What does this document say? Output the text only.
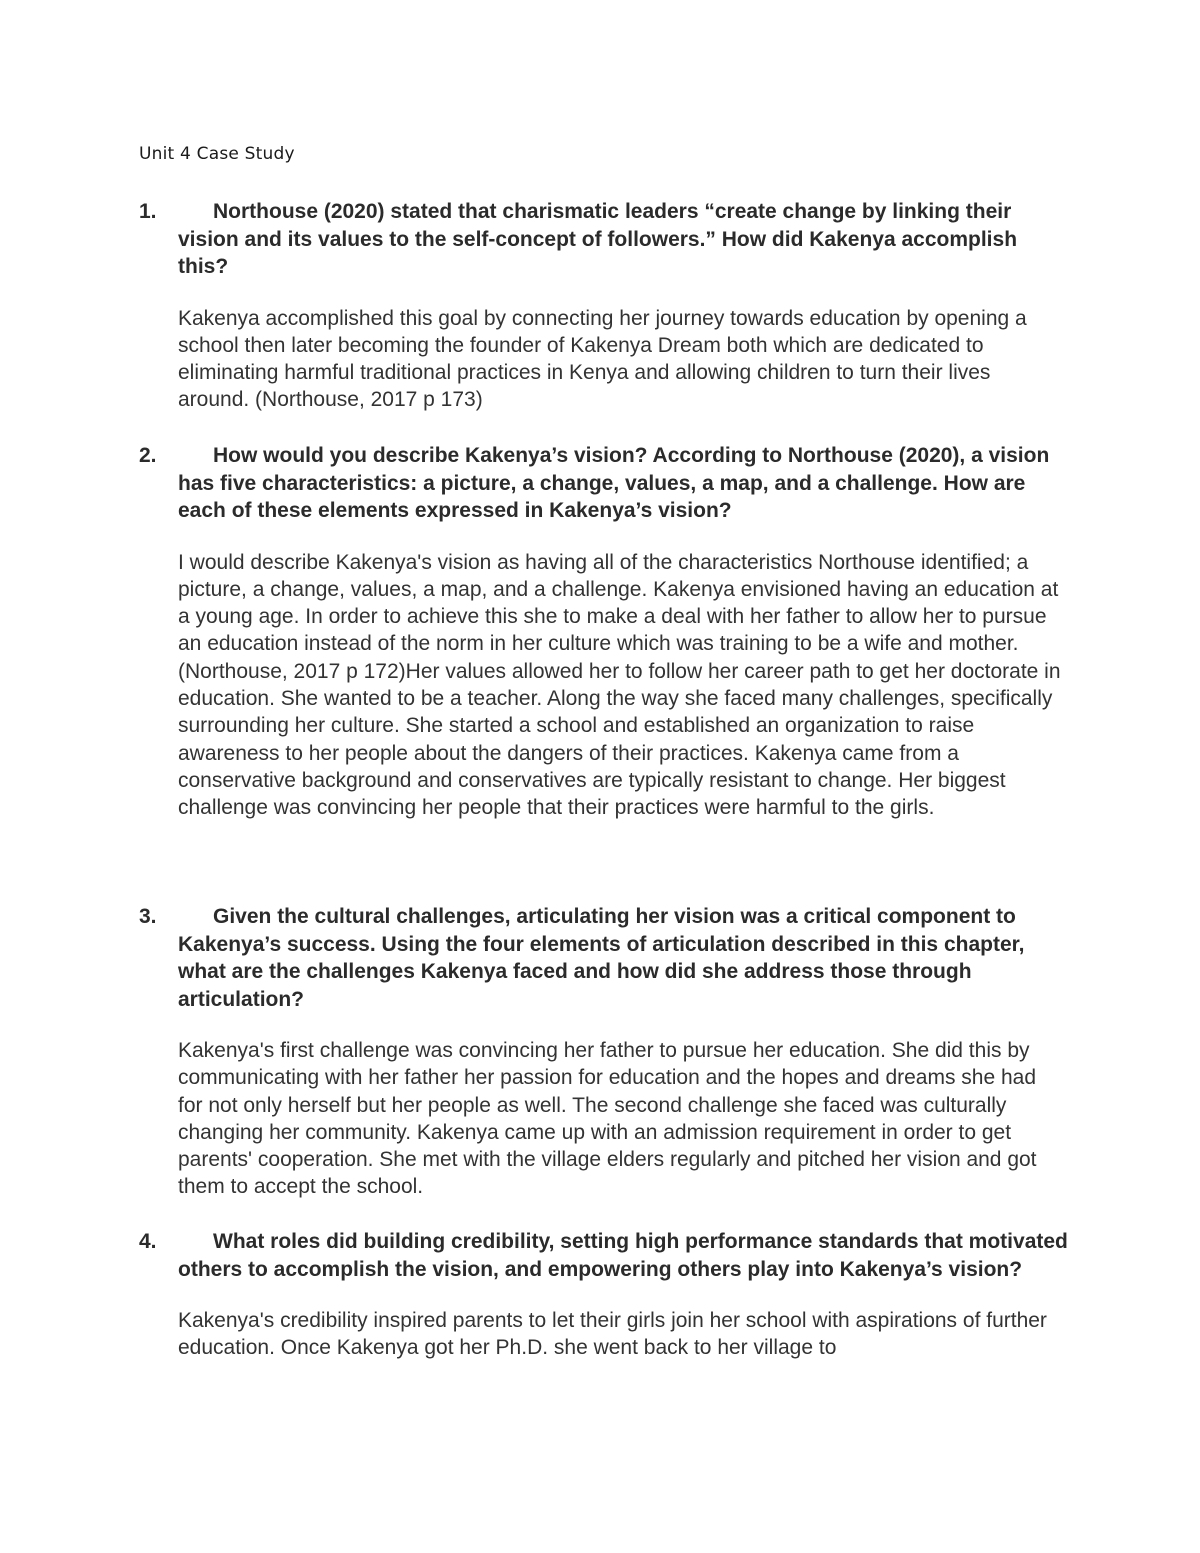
Unit 4 Case Study
1.	Northouse (2020) stated that charismatic leaders “create change by linking their vision and its values to the self-concept of followers.” How did Kakenya accomplish this?
Kakenya accomplished this goal by connecting her journey towards education by opening a school then later becoming the founder of Kakenya Dream both which are dedicated to eliminating harmful traditional practices in Kenya and allowing children to turn their lives around. (Northouse, 2017 p 173)
2.	How would you describe Kakenya’s vision? According to Northouse (2020), a vision has five characteristics: a picture, a change, values, a map, and a challenge. How are each of these elements expressed in Kakenya’s vision?
I would describe Kakenya's vision as having all of the characteristics Northouse identified; a picture, a change, values, a map, and a challenge. Kakenya envisioned having an education at a young age. In order to achieve this she to make a deal with her father to allow her to pursue an education instead of the norm in her culture which was training to be a wife and mother. (Northouse, 2017 p 172)Her values allowed her to follow her career path to get her doctorate in education. She wanted to be a teacher. Along the way she faced many challenges, specifically surrounding her culture. She started a school and established an organization to raise awareness to her people about the dangers of their practices. Kakenya came from a conservative background and conservatives are typically resistant to change. Her biggest challenge was convincing her people that their practices were harmful to the girls.
3.	Given the cultural challenges, articulating her vision was a critical component to Kakenya’s success. Using the four elements of articulation described in this chapter, what are the challenges Kakenya faced and how did she address those through articulation?
Kakenya's first challenge was convincing her father to pursue her education. She did this by communicating with her father her passion for education and the hopes and dreams she had for not only herself but her people as well. The second challenge she faced was culturally changing her community. Kakenya came up with an admission requirement in order to get parents' cooperation. She met with the village elders regularly and pitched her vision and got them to accept the school.
4.	What roles did building credibility, setting high performance standards that motivated others to accomplish the vision, and empowering others play into Kakenya’s vision?
Kakenya's credibility inspired parents to let their girls join her school with aspirations of further education. Once Kakenya got her Ph.D. she went back to her village to
